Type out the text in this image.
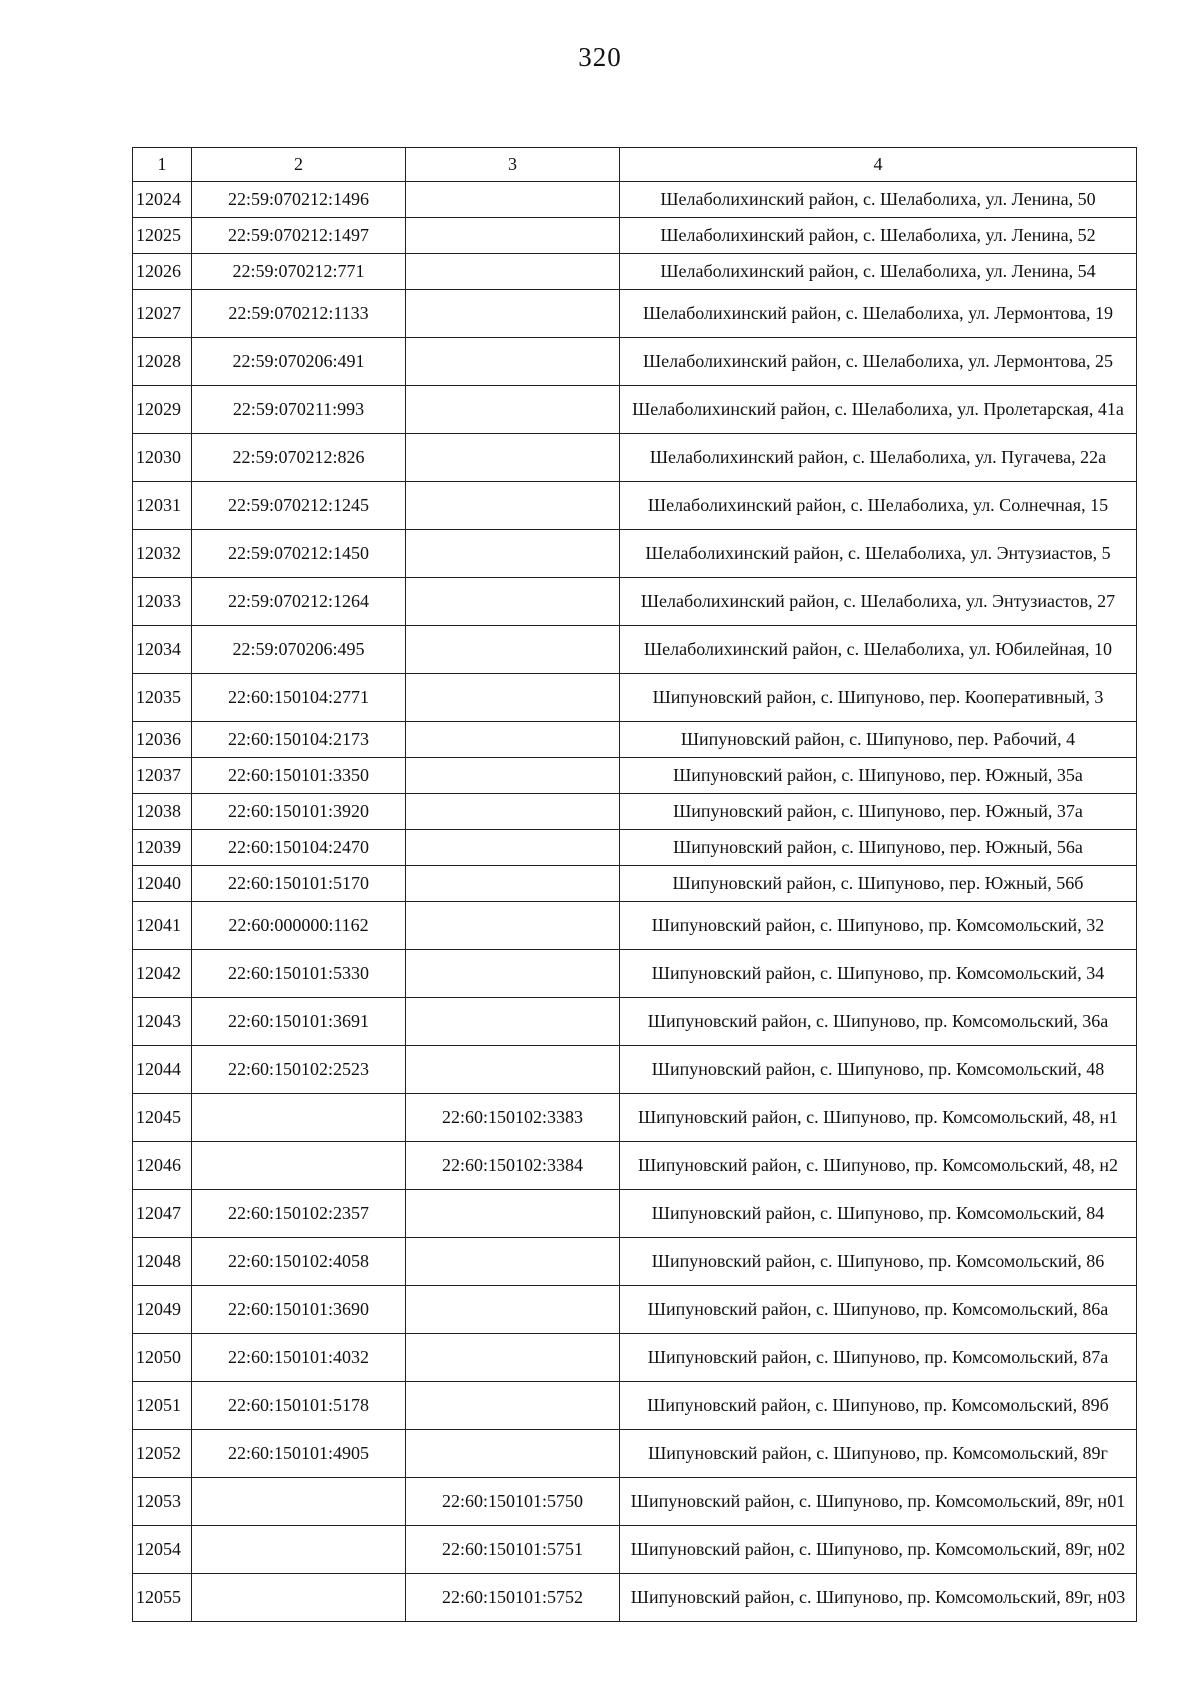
320
1	2	3	4
12024	22:59:070212:1496		Шелаболихинский район, с. Шелаболиха, ул. Ленина, 50
12025	22:59:070212:1497		Шелаболихинский район, с. Шелаболиха, ул. Ленина, 52
12026	22:59:070212:771		Шелаболихинский район, с. Шелаболиха, ул. Ленина, 54
12027	22:59:070212:1133		Шелаболихинский район, с. Шелаболиха, ул. Лермонтова, 19
12028	22:59:070206:491		Шелаболихинский район, с. Шелаболиха, ул. Лермонтова, 25
12029	22:59:070211:993		Шелаболихинский район, с. Шелаболиха, ул. Пролетарская, 41а
12030	22:59:070212:826		Шелаболихинский район, с. Шелаболиха, ул. Пугачева, 22а
12031	22:59:070212:1245		Шелаболихинский район, с. Шелаболиха, ул. Солнечная, 15
12032	22:59:070212:1450		Шелаболихинский район, с. Шелаболиха, ул. Энтузиастов, 5
12033	22:59:070212:1264		Шелаболихинский район, с. Шелаболиха, ул. Энтузиастов, 27
12034	22:59:070206:495		Шелаболихинский район, с. Шелаболиха, ул. Юбилейная, 10
12035	22:60:150104:2771		Шипуновский район, с. Шипуново, пер. Кооперативный, 3
12036	22:60:150104:2173		Шипуновский район, с. Шипуново, пер. Рабочий, 4
12037	22:60:150101:3350		Шипуновский район, с. Шипуново, пер. Южный, 35а
12038	22:60:150101:3920		Шипуновский район, с. Шипуново, пер. Южный, 37а
12039	22:60:150104:2470		Шипуновский район, с. Шипуново, пер. Южный, 56а
12040	22:60:150101:5170		Шипуновский район, с. Шипуново, пер. Южный, 56б
12041	22:60:000000:1162		Шипуновский район, с. Шипуново, пр. Комсомольский, 32
12042	22:60:150101:5330		Шипуновский район, с. Шипуново, пр. Комсомольский, 34
12043	22:60:150101:3691		Шипуновский район, с. Шипуново, пр. Комсомольский, 36а
12044	22:60:150102:2523		Шипуновский район, с. Шипуново, пр. Комсомольский, 48
12045		22:60:150102:3383	Шипуновский район, с. Шипуново, пр. Комсомольский, 48, н1
12046		22:60:150102:3384	Шипуновский район, с. Шипуново, пр. Комсомольский, 48, н2
12047	22:60:150102:2357		Шипуновский район, с. Шипуново, пр. Комсомольский, 84
12048	22:60:150102:4058		Шипуновский район, с. Шипуново, пр. Комсомольский, 86
12049	22:60:150101:3690		Шипуновский район, с. Шипуново, пр. Комсомольский, 86а
12050	22:60:150101:4032		Шипуновский район, с. Шипуново, пр. Комсомольский, 87а
12051	22:60:150101:5178		Шипуновский район, с. Шипуново, пр. Комсомольский, 89б
12052	22:60:150101:4905		Шипуновский район, с. Шипуново, пр. Комсомольский, 89г
12053		22:60:150101:5750	Шипуновский район, с. Шипуново, пр. Комсомольский, 89г, н01
12054		22:60:150101:5751	Шипуновский район, с. Шипуново, пр. Комсомольский, 89г, н02
12055		22:60:150101:5752	Шипуновский район, с. Шипуново, пр. Комсомольский, 89г, н03
